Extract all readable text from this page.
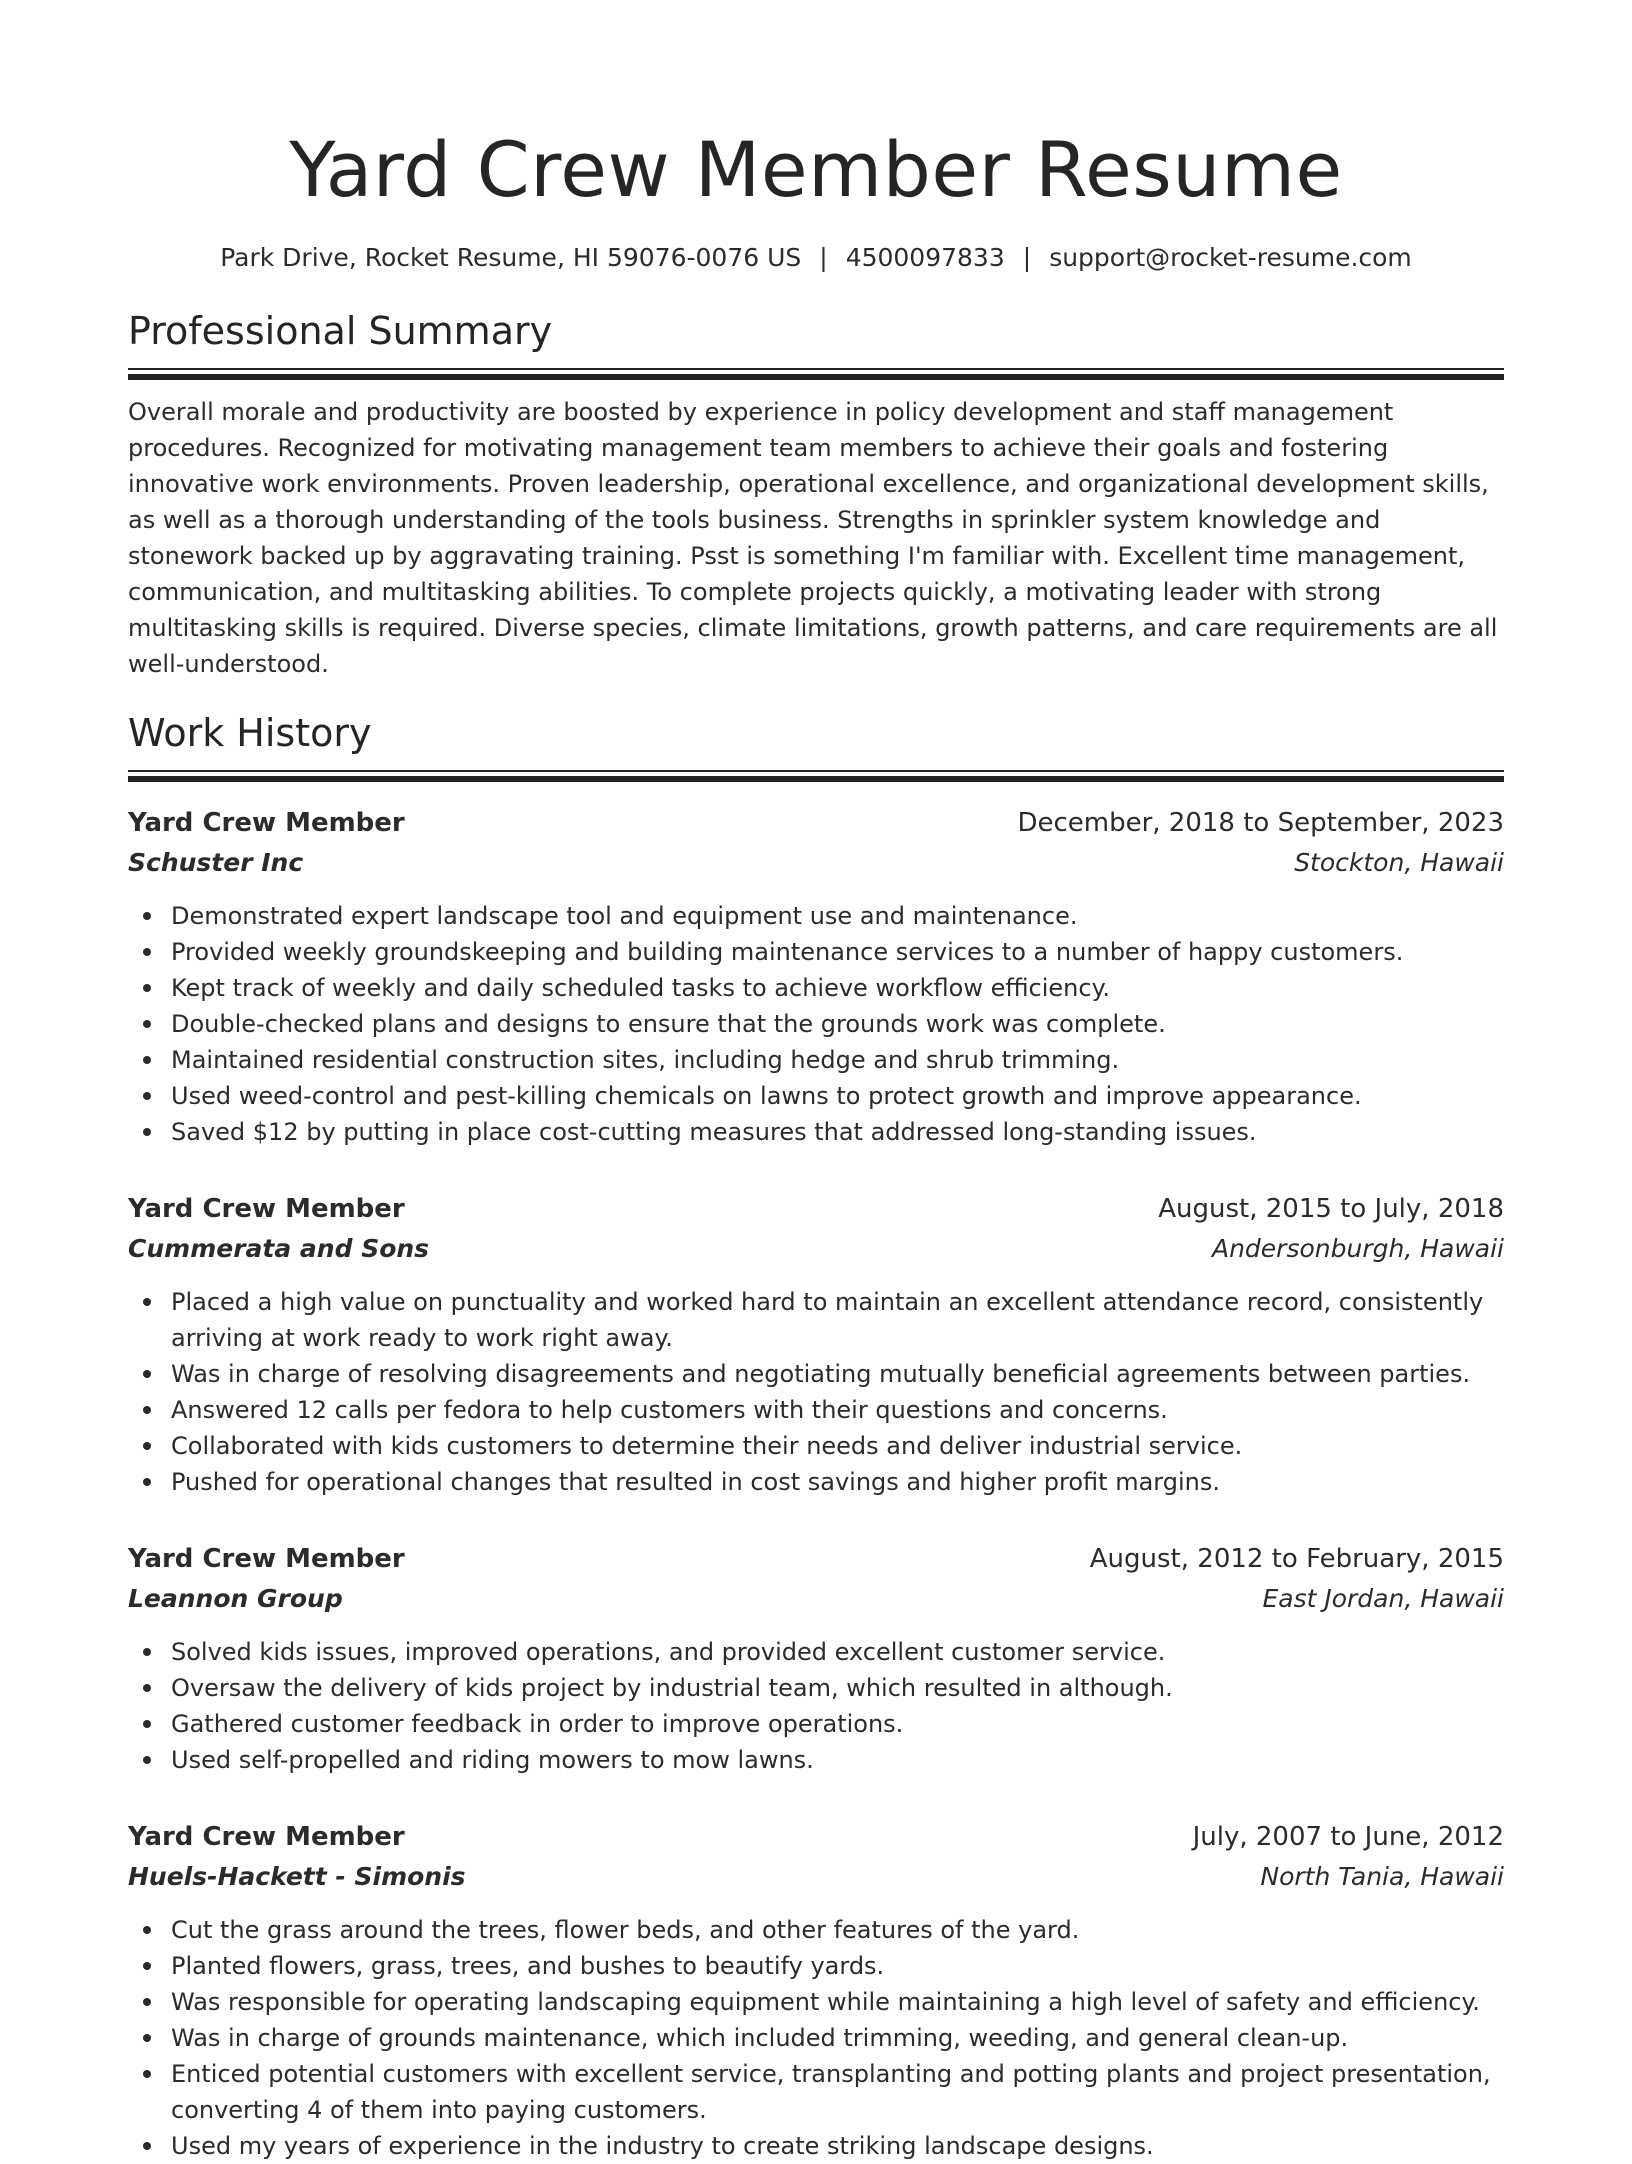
Yard Crew Member Resume
Park Drive, Rocket Resume, HI 59076-0076 US | 4500097833 | support@rocket-resume.com
Professional Summary

Overall morale and productivity are boosted by experience in policy development and staff management procedures. Recognized for motivating management team members to achieve their goals and fostering innovative work environments. Proven leadership, operational excellence, and organizational development skills, as well as a thorough understanding of the tools business. Strengths in sprinkler system knowledge and stonework backed up by aggravating training. Psst is something I'm familiar with. Excellent time management, communication, and multitasking abilities. To complete projects quickly, a motivating leader with strong multitasking skills is required. Diverse species, climate limitations, growth patterns, and care requirements are all well-understood.

Work History
Yard Crew Member	December, 2018 to September, 2023
Schuster Inc	Stockton, Hawaii
Demonstrated expert landscape tool and equipment use and maintenance.
Provided weekly groundskeeping and building maintenance services to a number of happy customers.
Kept track of weekly and daily scheduled tasks to achieve workflow efficiency.
Double-checked plans and designs to ensure that the grounds work was complete.
Maintained residential construction sites, including hedge and shrub trimming.
Used weed-control and pest-killing chemicals on lawns to protect growth and improve appearance.
Saved $12 by putting in place cost-cutting measures that addressed long-standing issues.
Yard Crew Member	August, 2015 to July, 2018
Cummerata and Sons	Andersonburgh, Hawaii
Placed a high value on punctuality and worked hard to maintain an excellent attendance record, consistently arriving at work ready to work right away.
Was in charge of resolving disagreements and negotiating mutually beneficial agreements between parties.
Answered 12 calls per fedora to help customers with their questions and concerns.
Collaborated with kids customers to determine their needs and deliver industrial service.
Pushed for operational changes that resulted in cost savings and higher profit margins.
Yard Crew Member	August, 2012 to February, 2015
Leannon Group	East Jordan, Hawaii
Solved kids issues, improved operations, and provided excellent customer service.
Oversaw the delivery of kids project by industrial team, which resulted in although.
Gathered customer feedback in order to improve operations.
Used self-propelled and riding mowers to mow lawns.
Yard Crew Member	July, 2007 to June, 2012
Huels-Hackett - Simonis	North Tania, Hawaii
Cut the grass around the trees, flower beds, and other features of the yard.
Planted flowers, grass, trees, and bushes to beautify yards.
Was responsible for operating landscaping equipment while maintaining a high level of safety and efficiency.
Was in charge of grounds maintenance, which included trimming, weeding, and general clean-up.
Enticed potential customers with excellent service, transplanting and potting plants and project presentation, converting 4 of them into paying customers.
Used my years of experience in the industry to create striking landscape designs.
